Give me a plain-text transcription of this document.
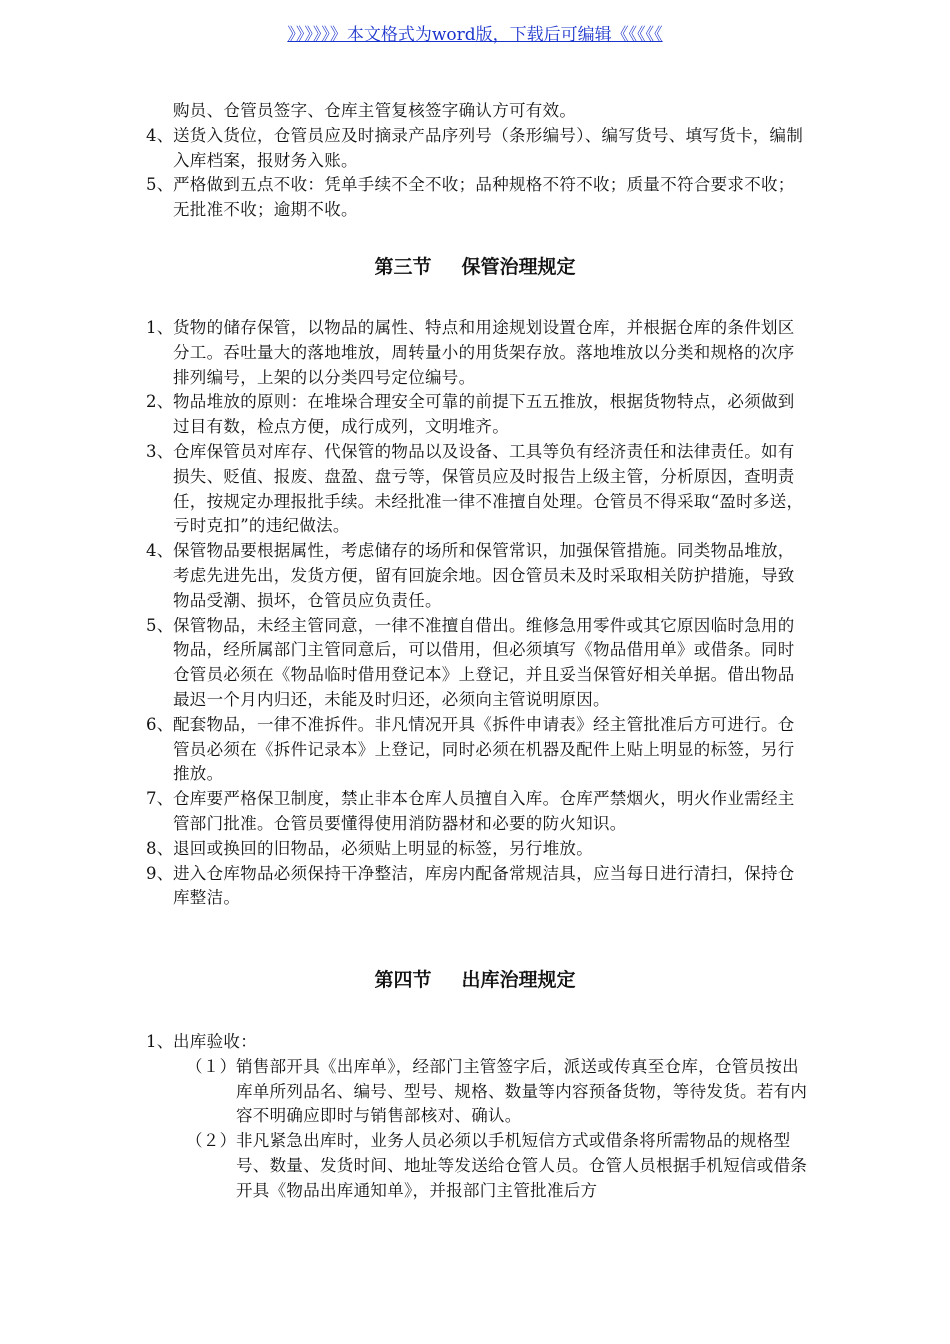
》》》》》》本文格式为word版，下载后可编辑《《《《《
购员、仓管员签字、仓库主管复核签字确认方可有效。
4、 送货入货位，仓管员应及时摘录产品序列号（条形编号）、编写货号、填写货卡，编制入库档案，报财务入账。
5、 严格做到五点不收：凭单手续不全不收；品种规格不符不收；质量不符合要求不收；无批准不收；逾期不收。
第三节 保管治理规定
1、 货物的储存保管，以物品的属性、特点和用途规划设置仓库，并根据仓库的条件划区分工。吞吐量大的落地堆放，周转量小的用货架存放。落地堆放以分类和规格的次序排列编号，上架的以分类四号定位编号。
2、 物品堆放的原则：在堆垛合理安全可靠的前提下五五推放，根据货物特点，必须做到过目有数，检点方便，成行成列，文明堆齐。
3、 仓库保管员对库存、代保管的物品以及设备、工具等负有经济责任和法律责任。如有损失、贬值、报废、盘盈、盘亏等，保管员应及时报告上级主管，分析原因，查明责任，按规定办理报批手续。未经批准一律不准擅自处理。仓管员不得采取“盈时多送，亏时克扣”的违纪做法。
4、 保管物品要根据属性，考虑储存的场所和保管常识，加强保管措施。同类物品堆放，考虑先进先出，发货方便，留有回旋余地。因仓管员未及时采取相关防护措施，导致物品受潮、损坏，仓管员应负责任。
5、 保管物品，未经主管同意，一律不准擅自借出。维修急用零件或其它原因临时急用的物品，经所属部门主管同意后，可以借用，但必须填写《物品借用单》或借条。同时仓管员必须在《物品临时借用登记本》上登记，并且妥当保管好相关单据。借出物品最迟一个月内归还，未能及时归还，必须向主管说明原因。
6、 配套物品，一律不准拆件。非凡情况开具《拆件申请表》经主管批准后方可进行。仓管员必须在《拆件记录本》上登记，同时必须在机器及配件上贴上明显的标签，另行推放。
7、 仓库要严格保卫制度，禁止非本仓库人员擅自入库。仓库严禁烟火，明火作业需经主管部门批准。仓管员要懂得使用消防器材和必要的防火知识。
8、 退回或换回的旧物品，必须贴上明显的标签，另行堆放。
9、 进入仓库物品必须保持干净整洁，库房内配备常规洁具，应当每日进行清扫，保持仓库整洁。
第四节 出库治理规定
1、 出库验收：
（１） 销售部开具《出库单》，经部门主管签字后，派送或传真至仓库，仓管员按出库单所列品名、编号、型号、规格、数量等内容预备货物，等待发货。若有内容不明确应即时与销售部核对、确认。
（２） 非凡紧急出库时，业务人员必须以手机短信方式或借条将所需物品的规格型号、数量、发货时间、地址等发送给仓管人员。仓管人员根据手机短信或借条开具《物品出库通知单》，并报部门主管批准后方
